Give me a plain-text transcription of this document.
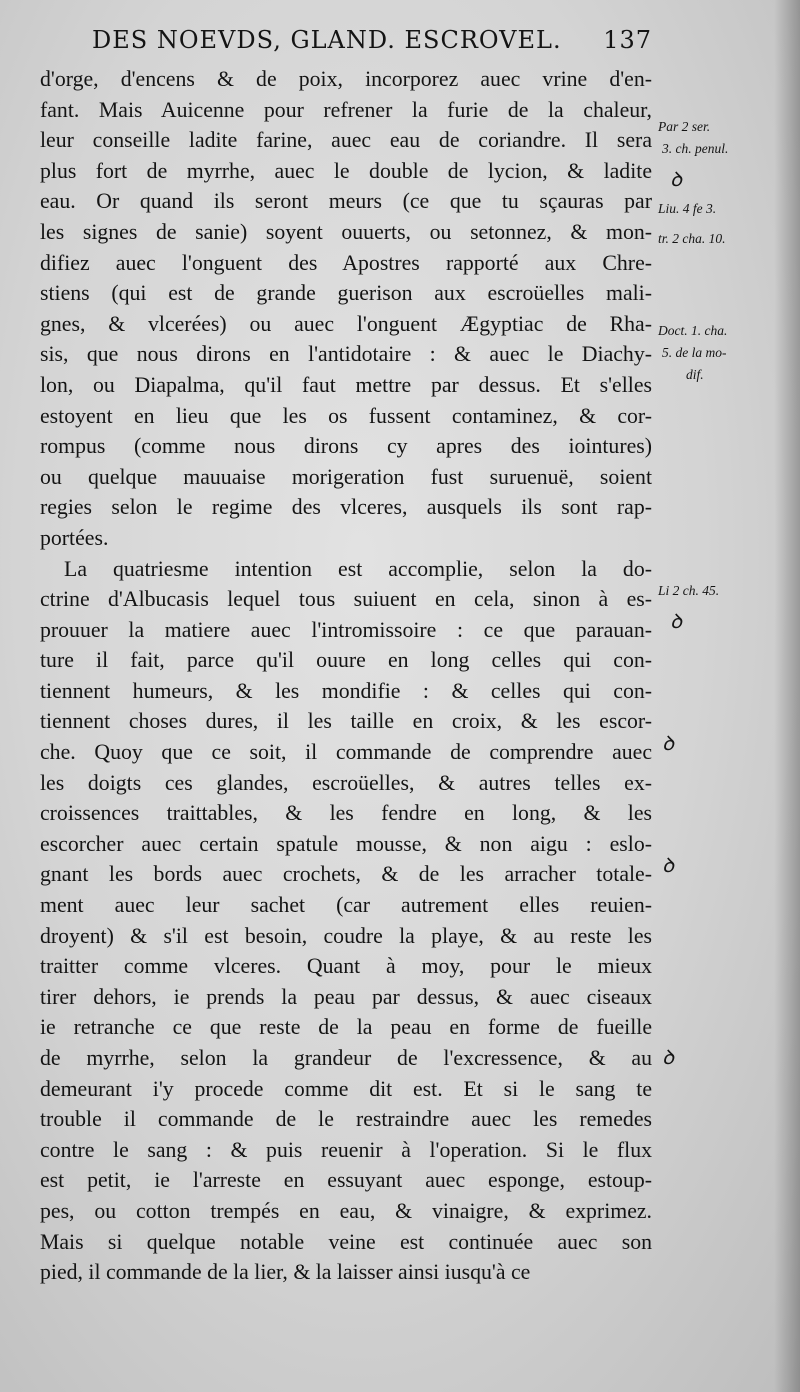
DES NOEVDS, GLAND. ESCROVEL. 137
d'orge, d'encens & de poix, incorporez auec vrine d'en-
fant. Mais Auicenne pour refrener la furie de la chaleur,
leur conseille ladite farine, auec eau de coriandre. Il sera
plus fort de myrrhe, auec le double de lycion, & ladite
eau. Or quand ils seront meurs (ce que tu sçauras par
les signes de sanie) soyent ouuerts, ou setonnez, & mon-
difiez auec l'onguent des Apostres rapporté aux Chre-
stiens (qui est de grande guerison aux escroüelles mali-
gnes, & vlcerées) ou auec l'onguent Ægyptiac de Rha-
sis, que nous dirons en l'antidotaire : & auec le Diachy-
lon, ou Diapalma, qu'il faut mettre par dessus. Et s'elles
estoyent en lieu que les os fussent contaminez, & cor-
rompus (comme nous dirons cy apres des iointures)
ou quelque mauuaise morigeration fust suruenuë, soient
regies selon le regime des vlceres, ausquels ils sont rap-
portées.
La quatriesme intention est accomplie, selon la do-
ctrine d'Albucasis lequel tous suiuent en cela, sinon à es-
prouuer la matiere auec l'intromissoire : ce que parauan-
ture il fait, parce qu'il ouure en long celles qui con-
tiennent humeurs, & les mondifie : & celles qui con-
tiennent choses dures, il les taille en croix, & les escor-
che. Quoy que ce soit, il commande de comprendre auec
les doigts ces glandes, escroüelles, & autres telles ex-
croissences traittables, & les fendre en long, & les
escorcher auec certain spatule mousse, & non aigu : eslo-
gnant les bords auec crochets, & de les arracher totale-
ment auec leur sachet (car autrement elles reuien-
droyent) & s'il est besoin, coudre la playe, & au reste les
traitter comme vlceres. Quant à moy, pour le mieux
tirer dehors, ie prends la peau par dessus, & auec ciseaux
ie retranche ce que reste de la peau en forme de fueille
de myrrhe, selon la grandeur de l'excressence, & au
demeurant i'y procede comme dit est. Et si le sang te
trouble il commande de le restraindre auec les remedes
contre le sang : & puis reuenir à l'operation. Si le flux
est petit, ie l'arreste en essuyant auec esponge, estoup-
pes, ou cotton trempés en eau, & vinaigre, & exprimez.
Mais si quelque notable veine est continuée auec son
pied, il commande de la lier, & la laisser ainsi iusqu'à ce
Par 2 ser.
3. ch. penul.
ꝺ
Liu. 4 fe 3.
tr. 2 cha. 10.
Doct. 1. cha.
5. de la mo-
dif.
Li 2 ch. 45.
ꝺ
ꝺ
ꝺ
ꝺ
